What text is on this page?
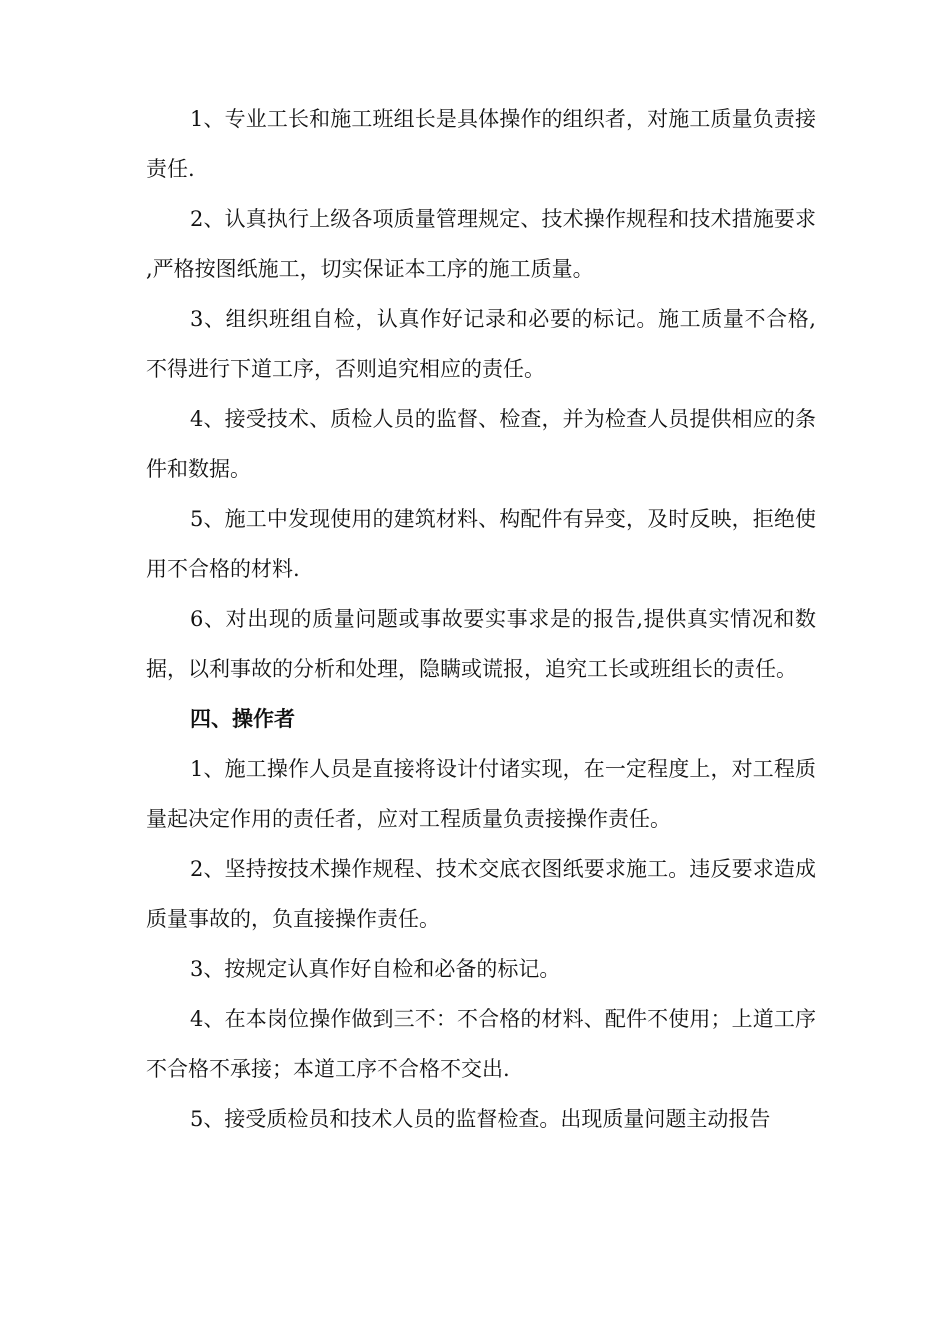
1、专业工长和施工班组长是具体操作的组织者，对施工质量负责接责任.

2、认真执行上级各项质量管理规定、技术操作规程和技术措施要求,严格按图纸施工，切实保证本工序的施工质量。

3、组织班组自检，认真作好记录和必要的标记。施工质量不合格,不得进行下道工序，否则追究相应的责任。

4、接受技术、质检人员的监督、检查，并为检查人员提供相应的条件和数据。

5、施工中发现使用的建筑材料、构配件有异变，及时反映，拒绝使用不合格的材料.

6、对出现的质量问题或事故要实事求是的报告,提供真实情况和数据，以利事故的分析和处理，隐瞒或谎报，追究工长或班组长的责任。

四、操作者

1、施工操作人员是直接将设计付诸实现，在一定程度上，对工程质量起决定作用的责任者，应对工程质量负责接操作责任。

2、坚持按技术操作规程、技术交底衣图纸要求施工。违反要求造成质量事故的，负直接操作责任。

3、按规定认真作好自检和必备的标记。

4、在本岗位操作做到三不：不合格的材料、配件不使用；上道工序不合格不承接；本道工序不合格不交出.

5、接受质检员和技术人员的监督检查。出现质量问题主动报告
